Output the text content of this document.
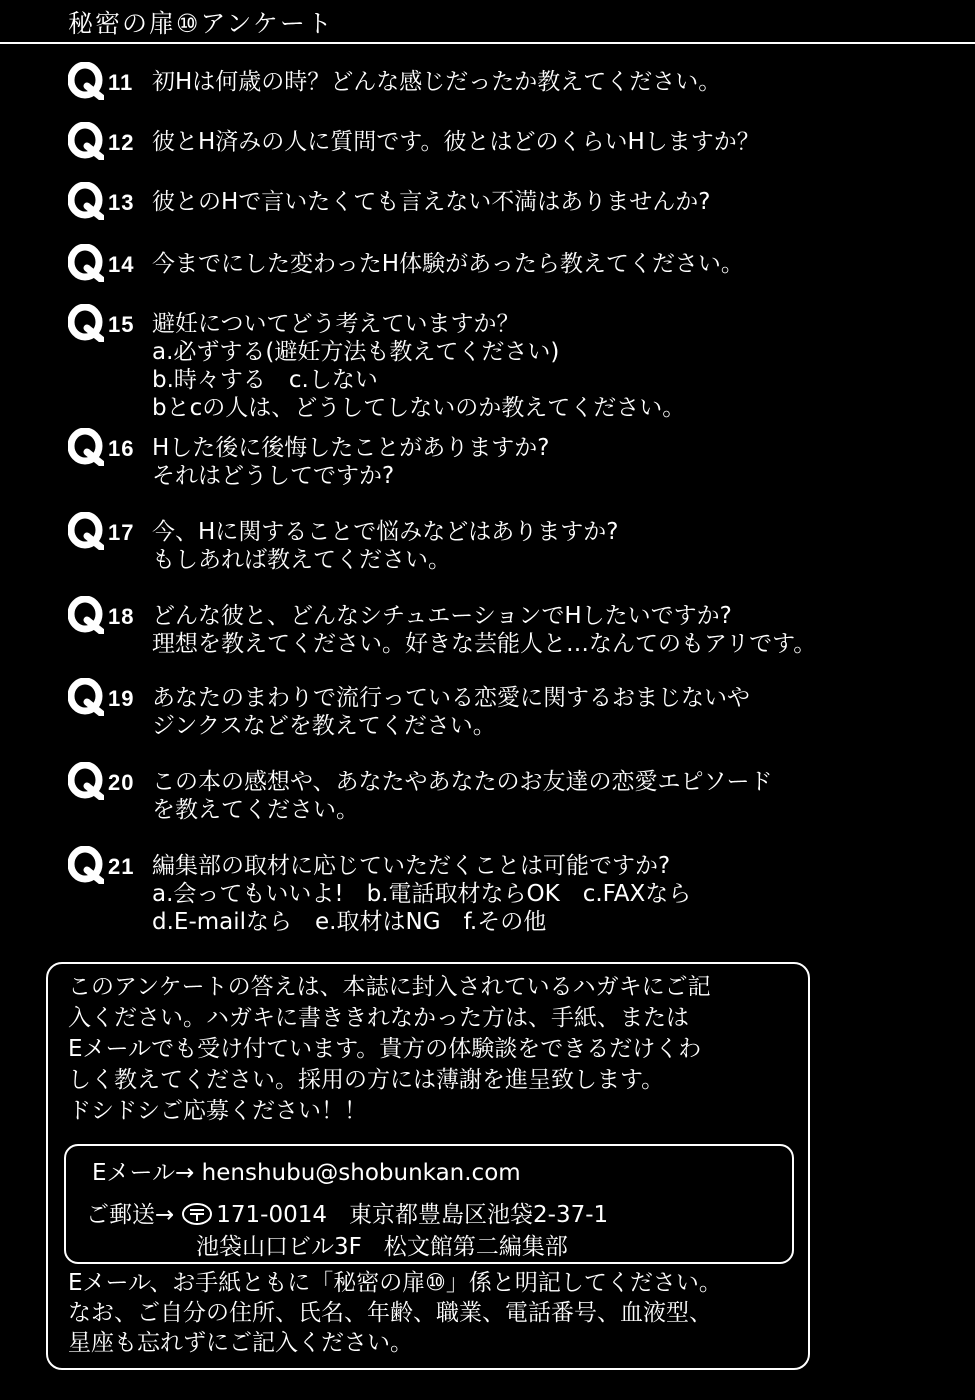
秘密の扉⑩アンケート
11 初Hは何歳の時？どんな感じだったか教えてください。
12 彼とH済みの人に質問です。彼とはどのくらいHしますか？
13 彼とのHで言いたくても言えない不満はありませんか?
14 今までにした変わったH体験があったら教えてください。
15 避妊についてどう考えていますか？
a.必ずする(避妊方法も教えてください)
b.時々する　c.しない
bとcの人は、どうしてしないのか教えてください。
16 Hした後に後悔したことがありますか?
それはどうしてですか?
17 今、Hに関することで悩みなどはありますか?
もしあれば教えてください。
18 どんな彼と、どんなシチュエーションでHしたいですか?
理想を教えてください。好きな芸能人と…なんてのもアリです。
19 あなたのまわりで流行っている恋愛に関するおまじないや
ジンクスなどを教えてください。
20 この本の感想や、あなたやあなたのお友達の恋愛エピソード
を教えてください。
21 編集部の取材に応じていただくことは可能ですか?
a.会ってもいいよ!　b.電話取材ならOK　c.FAXなら
d.E-mailなら　e.取材はNG　f.その他
このアンケートの答えは、本誌に封入されているハガキにご記
入ください。ハガキに書ききれなかった方は、手紙、または
Eメールでも受け付ています。貴方の体験談をできるだけくわ
しく教えてください。採用の方には薄謝を進呈致します。
ドシドシご応募ください！！
Eメール→ henshubu@shobunkan.com
ご郵送→ 171-0014 東京都豊島区池袋2-37-1
池袋山口ビル3F 松文館第二編集部
Eメール、お手紙ともに「秘密の扉⑩」係と明記してください。
なお、ご自分の住所、氏名、年齢、職業、電話番号、血液型、
星座も忘れずにご記入ください。
